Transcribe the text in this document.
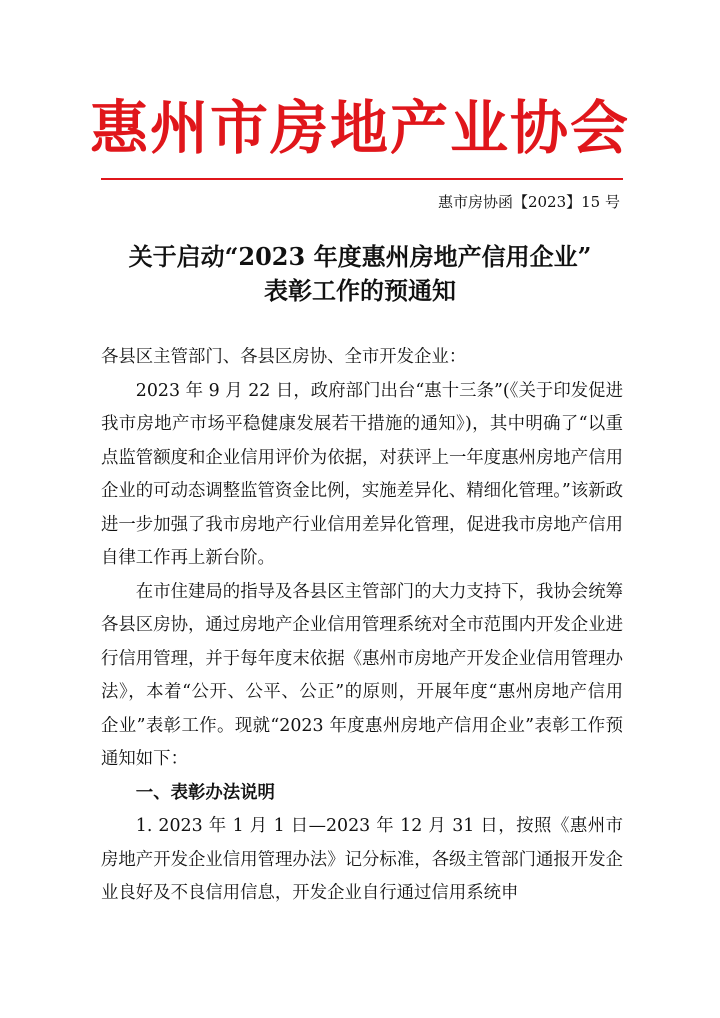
惠州市房地产业协会
惠市房协函【2023】15 号
关于启动“2023 年度惠州房地产信用企业”
表彰工作的预通知

各县区主管部门、各县区房协、全市开发企业：

2023 年 9 月 22 日，政府部门出台“惠十三条”(《关于印发促进我市房地产市场平稳健康发展若干措施的通知》)，其中明确了“以重点监管额度和企业信用评价为依据，对获评上一年度惠州房地产信用企业的可动态调整监管资金比例，实施差异化、精细化管理。”该新政进一步加强了我市房地产行业信用差异化管理，促进我市房地产信用自律工作再上新台阶。

在市住建局的指导及各县区主管部门的大力支持下，我协会统筹各县区房协，通过房地产企业信用管理系统对全市范围内开发企业进行信用管理，并于每年度末依据《惠州市房地产开发企业信用管理办法》，本着“公开、公平、公正”的原则，开展年度“惠州房地产信用企业”表彰工作。现就“2023 年度惠州房地产信用企业”表彰工作预通知如下：

一、表彰办法说明

1. 2023 年 1 月 1 日—2023 年 12 月 31 日，按照《惠州市房地产开发企业信用管理办法》记分标准，各级主管部门通报开发企业良好及不良信用信息，开发企业自行通过信用系统申
